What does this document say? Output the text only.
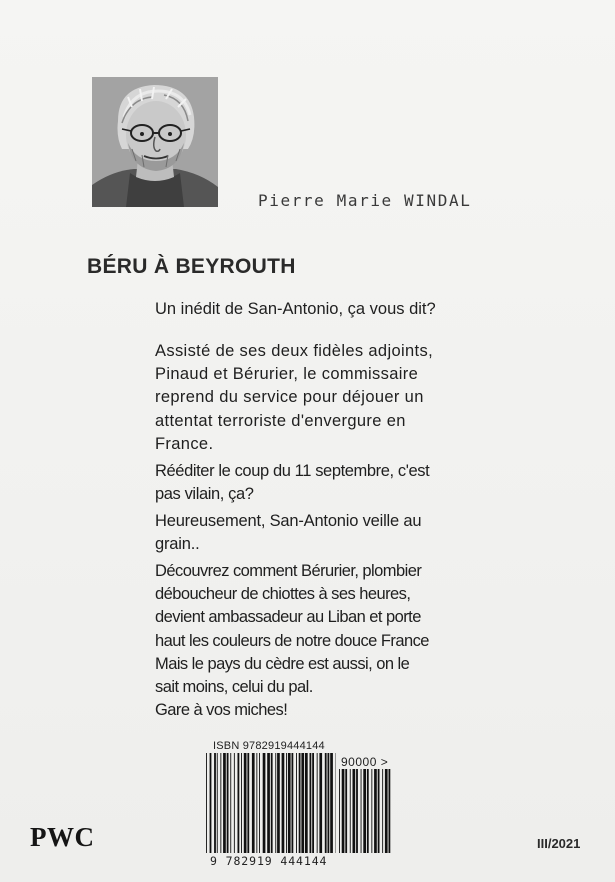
Pierre Marie WINDAL
BÉRU À BEYROUTH
Un inédit de San-Antonio, ça vous dit?
Assisté de ses deux fidèles adjoints,
Pinaud et Bérurier, le commissaire
reprend du service pour déjouer un
attentat terroriste d'envergure en
France.
Rééditer le coup du 11 septembre, c'est
pas vilain, ça?
Heureusement, San-Antonio veille au
grain..
Découvrez comment Bérurier, plombier
déboucheur de chiottes à ses heures,
devient ambassadeur au Liban et porte
haut les couleurs de notre douce France
Mais le pays du cèdre est aussi, on le
sait moins, celui du pal.
Gare à vos miches!
ISBN 9782919444144
90000 >
9 782919 444144
PWC	III/2021
